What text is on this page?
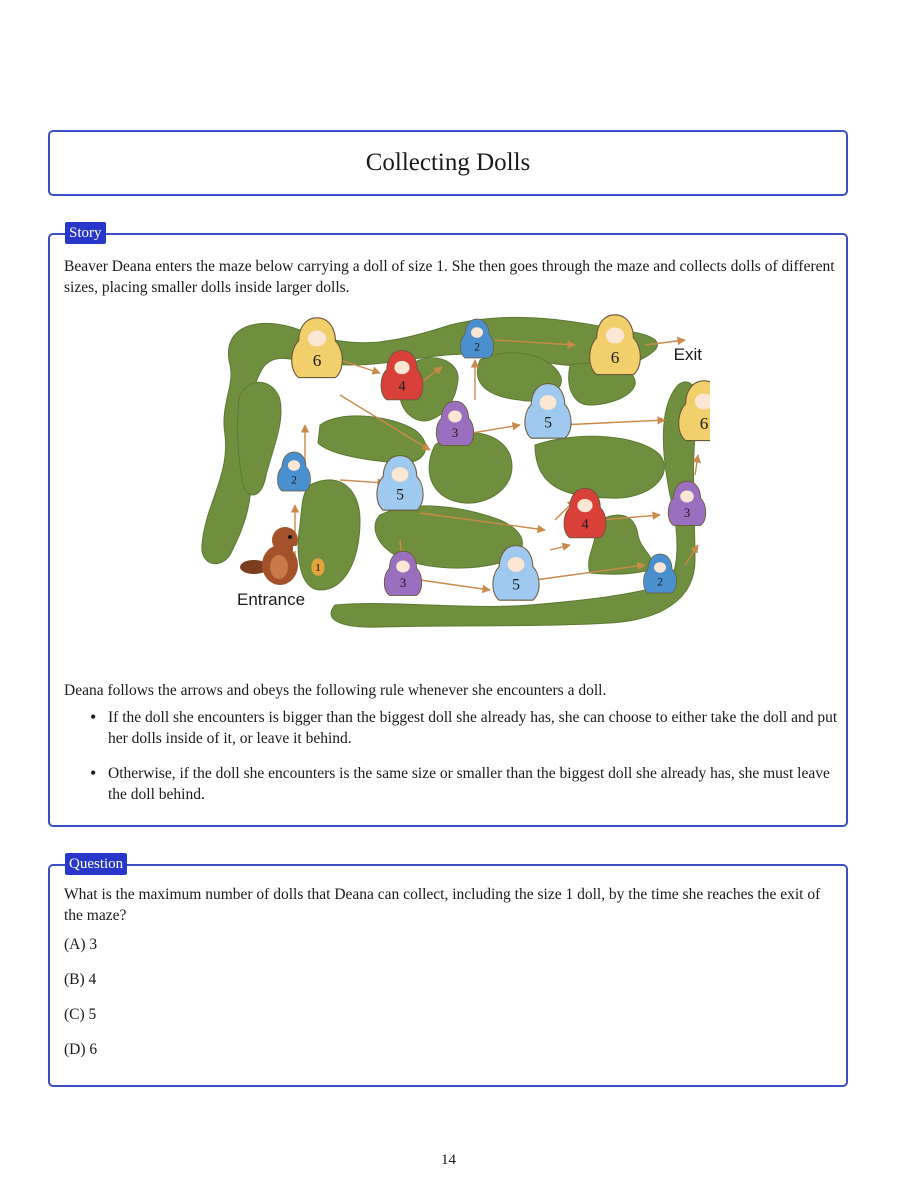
Collecting Dolls
Story

Beaver Deana enters the maze below carrying a doll of size 1. She then goes through the maze and collects dolls of different sizes, placing smaller dolls inside larger dolls.

Entrance
Exit
6
4
2
6
3
5	6
2
5
4
3
3	5	2
1

Deana follows the arrows and obeys the following rule whenever she encounters a doll.

• If the doll she encounters is bigger than the biggest doll she already has, she can choose to either take the doll and put her dolls inside of it, or leave it behind.
• Otherwise, if the doll she encounters is the same size or smaller than the biggest doll she already has, she must leave the doll behind.
Question

What is the maximum number of dolls that Deana can collect, including the size 1 doll, by the time she reaches the exit of the maze?

(A) 3
(B) 4
(C) 5
(D) 6
14
